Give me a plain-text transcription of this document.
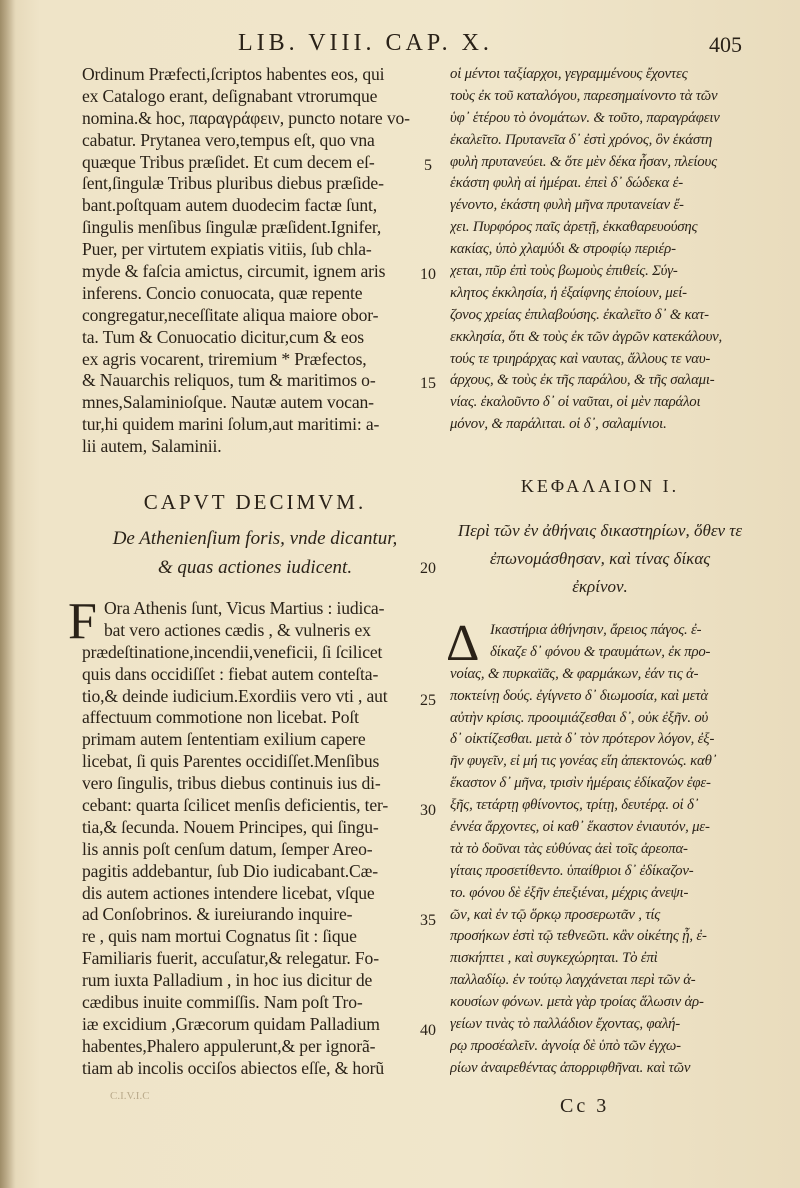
LIB. VIII. CAP. X.	405
Ordinum Præfecti,ſcriptos habentes eos, qui
ex Catalogo erant, deſignabant vtrorumque
nomina.& hoc, παραγράφειν, puncto notare vo-
cabatur. Prytanea vero,tempus eſt, quo vna
quæque Tribus præſidet. Et cum decem eſ-
ſent,ſingulæ Tribus pluribus diebus præſide-
bant.poſtquam autem duodecim factæ ſunt,
ſingulis menſibus ſingulæ præſident.Ignifer,
Puer, per virtutem expiatis vitiis, ſub chla-
myde & faſcia amictus, circumit, ignem aris
inferens. Concio conuocata, quæ repente
congregatur,neceſſitate aliqua maiore obor-
ta. Tum & Conuocatio dicitur,cum & eos
ex agris vocarent, triremium * Præfectos,
& Nauarchis reliquos, tum & maritimos o-
mnes,Salaminioſque. Nautæ autem vocan-
tur,hi quidem marini ſolum,aut maritimi: a-
lii autem, Salaminii.
CAPVT DECIMVM.
De Athenienſium foris, vnde dicantur,
& quas actiones iudicent.
F Ora Athenis ſunt, Vicus Martius : iudica-
bat vero actiones cædis , & vulneris ex
prædeſtinatione,incendii,veneficii, ſi ſcilicet
quis dans occidiſſet : fiebat autem conteſta-
tio,& deinde iudicium.Exordiis vero vti , aut
affectuum commotione non licebat. Poſt
primam autem ſententiam exilium capere
licebat, ſi quis Parentes occidiſſet.Menſibus
vero ſingulis, tribus diebus continuis ius di-
cebant: quarta ſcilicet menſis deficientis, ter-
tia,& ſecunda. Nouem Principes, qui ſingu-
lis annis poſt cenſum datum, ſemper Areo-
pagitis addebantur, ſub Dio iudicabant.Cæ-
dis autem actiones intendere licebat, vſque
ad Conſobrinos. & iureiurando inquire-
re , quis nam mortui Cognatus ſit : ſique
Familiaris fuerit, accuſatur,& relegatur. Fo-
rum iuxta Palladium , in hoc ius dicitur de
cædibus inuite commiſſis. Nam poſt Tro-
iæ excidium ,Græcorum quidam Palladium
habentes,Phalero appulerunt,& per ignorã-
tiam ab incolis occiſos abiectos eſſe, & horũ
5
10
15
20
25
30
35
40
οἱ μέντοι ταξίαρχοι, γεγραμμένους ἔχοντες
τοὺς ἐκ τοῦ καταλόγου, παρεσημαίνοντο τὰ τῶν
ὑφ᾽ ἑτέρου τὸ ὀνομάτων. & τοῦτο, παραγράφειν
ἐκαλεῖτο. Πρυτανεῖα δ᾽ ἐστὶ χρόνος, ὃν ἑκάστη
φυλὴ πρυτανεύει. & ὅτε μὲν δέκα ἦσαν, πλείους
ἑκάστη φυλὴ αἱ ἡμέραι. ἐπεὶ δ᾽ δώδεκα ἐ-
γένοντο, ἑκάστη φυλὴ μῆνα πρυτανείαν ἔ-
χει. Πυρφόρος παῖς ἀρετῇ, ἐκκαθαρευούσης
κακίας, ὑπὸ χλαμύδι & στροφίῳ περιέρ-
χεται, πῦρ ἐπὶ τοὺς βωμοὺς ἐπιθείς. Σύγ-
κλητος ἐκκλησία, ἡ ἐξαίφνης ἐποίουν, μεί-
ζονος χρείας ἐπιλαβούσης. ἐκαλεῖτο δ᾽ & κατ-
εκκλησία, ὅτι & τοὺς ἐκ τῶν ἀγρῶν κατεκάλουν,
τούς τε τριηράρχας καὶ ναυτας, ἄλλους τε ναυ-
άρχους, & τοὺς ἐκ τῆς παράλου, & τῆς σαλαμι-
νίας. ἐκαλοῦντο δ᾽ οἱ ναῦται, οἱ μὲν παράλοι
μόνον, & παράλιται. οἱ δ᾽, σαλαμίνιοι.
ΚΕΦΑΛΑΙΟΝ Ι.
Περὶ τῶν ἐν ἀθήναις δικαστηρίων, ὅθεν τε
ἐπωνομάσθησαν, καὶ τίνας δίκας
ἐκρίνον.
Δ Ικαστήρια ἀθήνησιν, ἄρειος πάγος. ἐ-
δίκαζε δ᾽ φόνου & τραυμάτων, ἐκ προ-
νοίας, & πυρκαϊᾶς, & φαρμάκων, ἐάν τις ἀ-
ποκτείνῃ δούς. ἐγίγνετο δ᾽ διωμοσία, καὶ μετὰ
αὐτὴν κρίσις. προοιμιάζεσθαι δ᾽, οὐκ ἐξῆν. οὐ
δ᾽ οἰκτίζεσθαι. μετὰ δ᾽ τὸν πρότερον λόγον, ἐξ-
ῆν φυγεῖν, εἰ μή τις γονέας εἴη ἀπεκτονώς. καθ᾽
ἕκαστον δ᾽ μῆνα, τρισὶν ἡμέραις ἐδίκαζον ἐφε-
ξῆς, τετάρτῃ φθίνοντος, τρίτῃ, δευτέρᾳ. οἱ δ᾽
ἐννέα ἄρχοντες, οἱ καθ᾽ ἕκαστον ἐνιαυτόν, με-
τὰ τὸ δοῦναι τὰς εὐθύνας ἀεὶ τοῖς ἀρεοπα-
γίταις προσετίθεντο. ὑπαίθριοι δ᾽ ἐδίκαζον-
το. φόνου δὲ ἐξῆν ἐπεξιέναι, μέχρις ἀνεψι-
ῶν, καὶ ἐν τῷ ὅρκῳ προσερωτᾶν , τίς
προσήκων ἐστὶ τῷ τεθνεῶτι. κἂν οἰκέτης ᾖ, ἐ-
πισκήπτει , καὶ συγκεχώρηται. Τὸ ἐπὶ
παλλαδίῳ. ἐν τούτῳ λαγχάνεται περὶ τῶν ἀ-
κουσίων φόνων. μετὰ γὰρ τροίας ἅλωσιν ἀρ-
γείων τινὰς τὸ παλλάδιον ἔχοντας, φαλή-
ρῳ προσέαλεῖν. ἀγνοίᾳ δὲ ὑπὸ τῶν ἐγχω-
ρίων ἀναιρεθέντας ἀπορριφθῆναι. καὶ τῶν
Cc 3
C.I.V.I.C
